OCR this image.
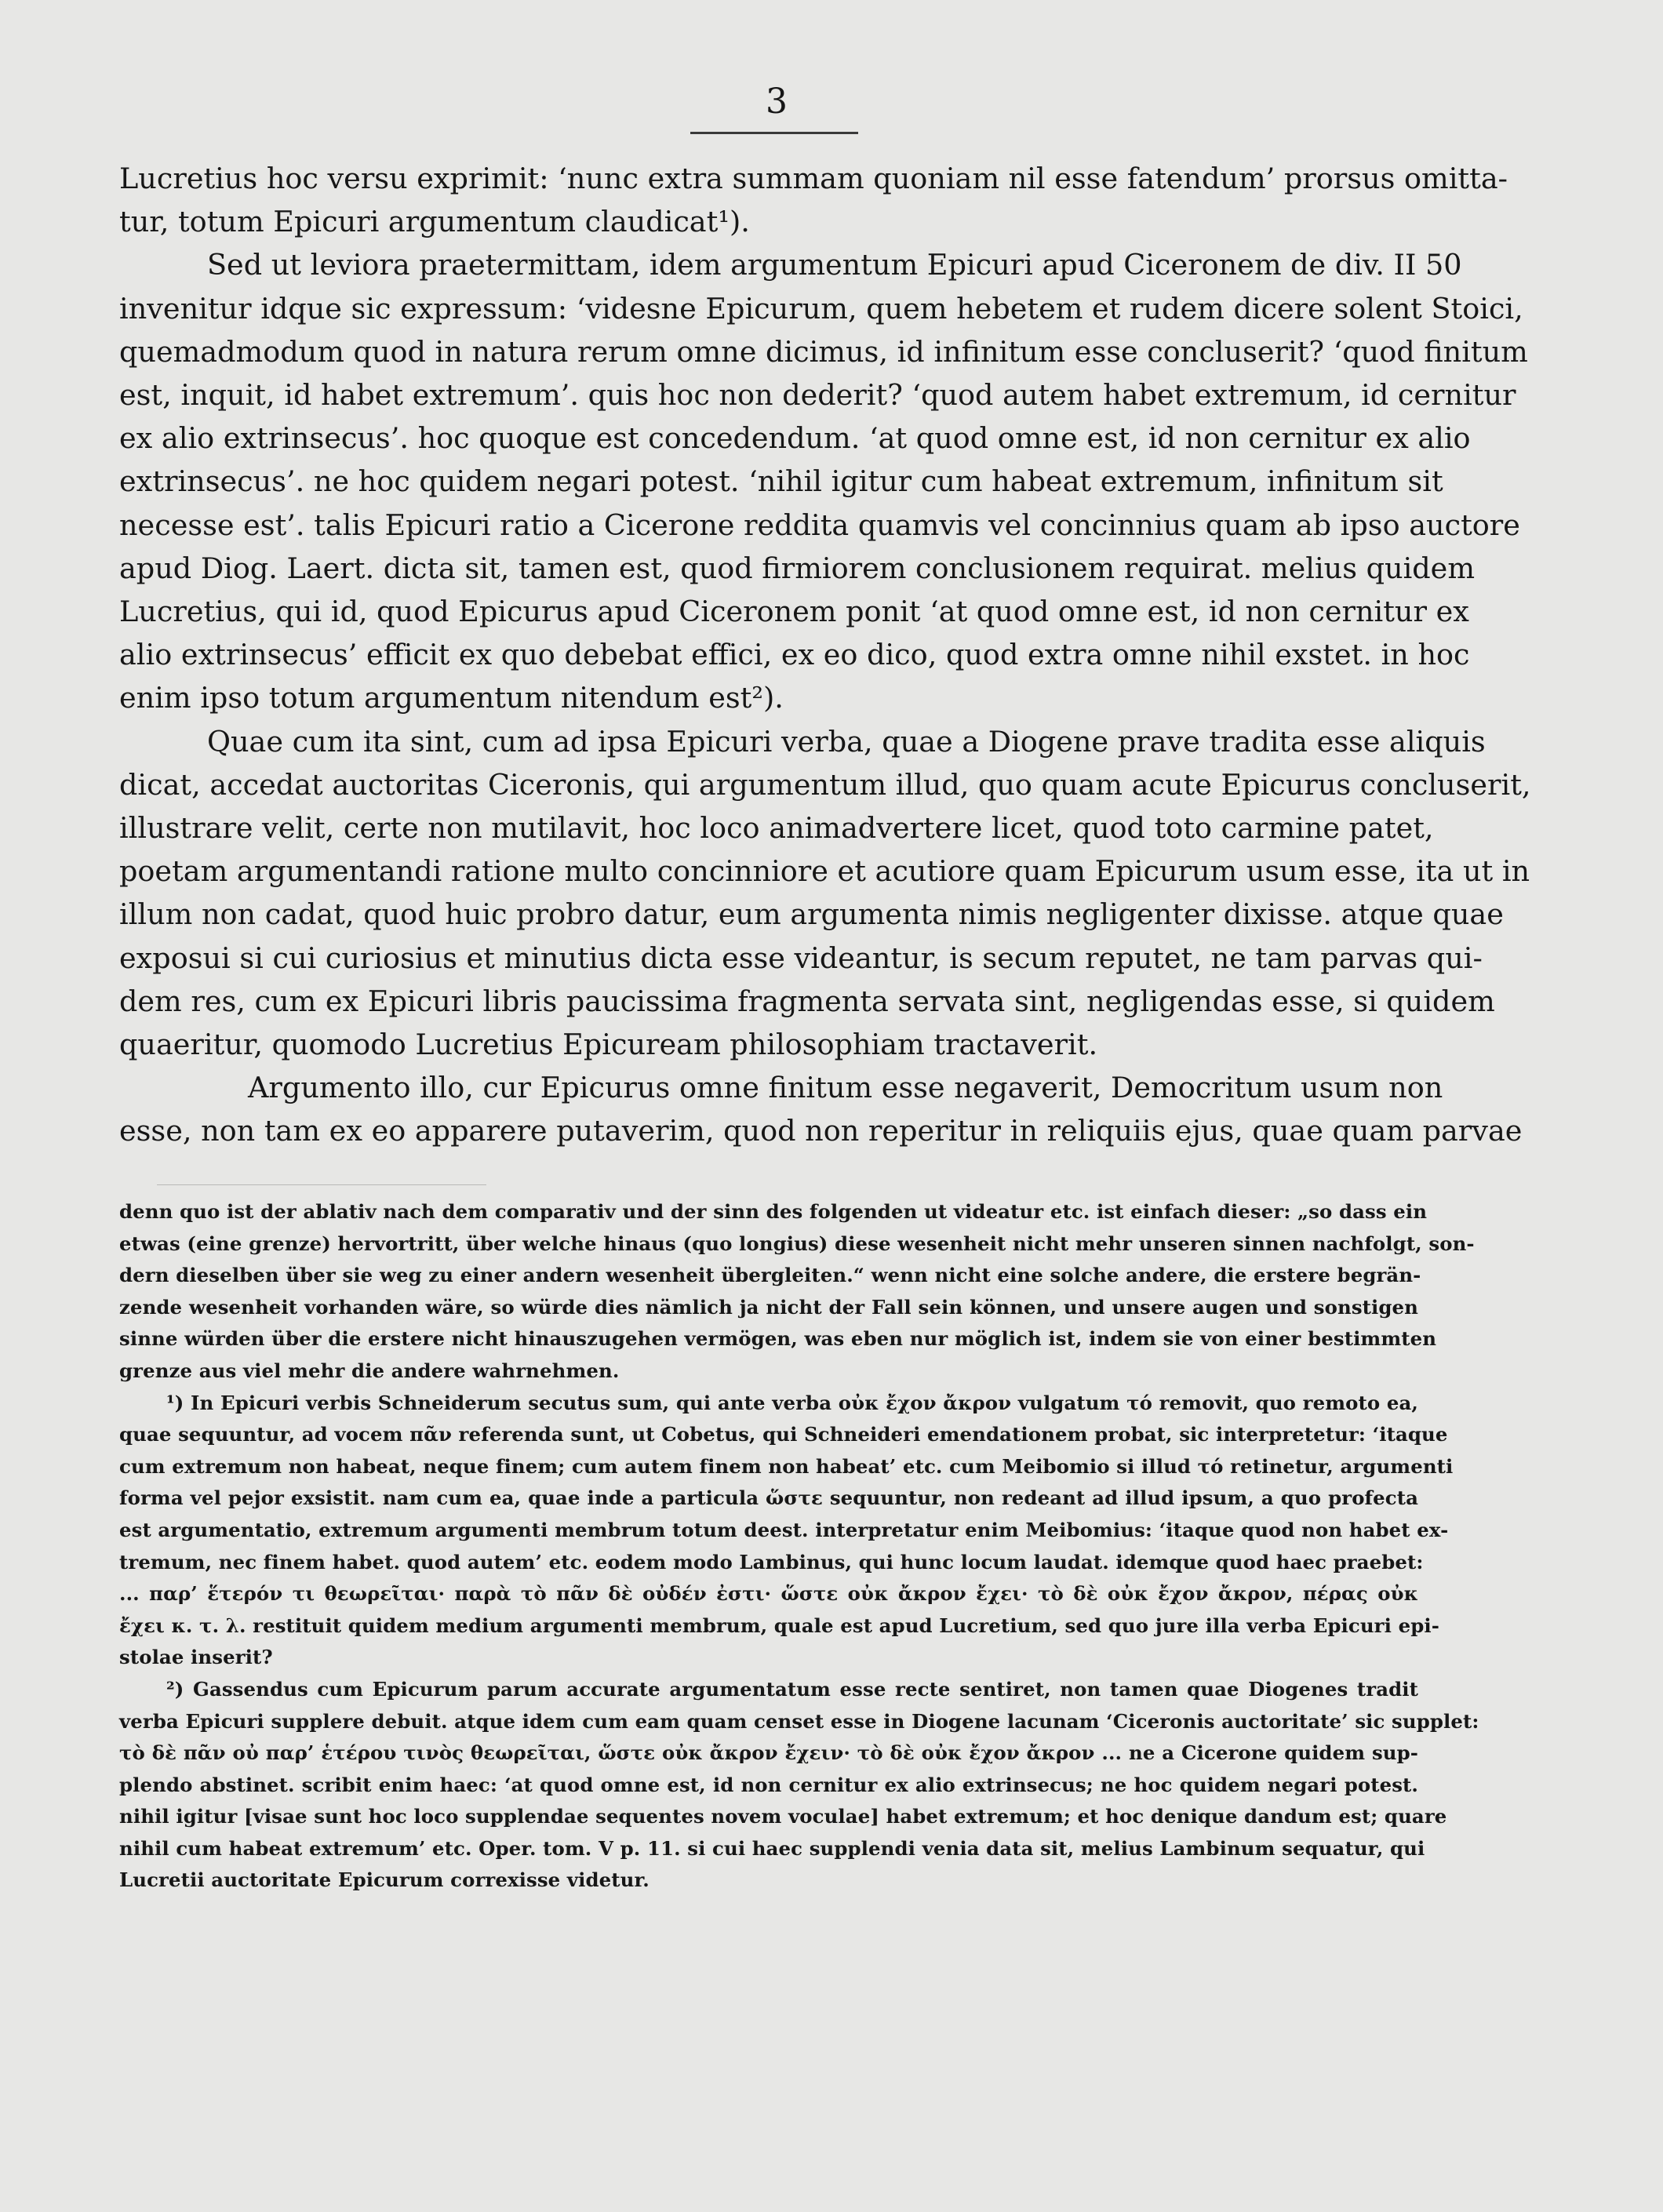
3

Lucretius hoc versu exprimit: ‘nunc extra summam quoniam nil esse fatendum’ prorsus omitta-
tur, totum Epicuri argumentum claudicat¹).

Sed ut leviora praetermittam, idem argumentum Epicuri apud Ciceronem de div. II 50
invenitur idque sic expressum: ‘videsne Epicurum, quem hebetem et rudem dicere solent Stoici,
quemadmodum quod in natura rerum omne dicimus, id infinitum esse concluserit? ‘quod finitum
est, inquit, id habet extremum’. quis hoc non dederit? ‘quod autem habet extremum, id cernitur
ex alio extrinsecus’. hoc quoque est concedendum. ‘at quod omne est, id non cernitur ex alio
extrinsecus’. ne hoc quidem negari potest. ‘nihil igitur cum habeat extremum, infinitum sit
necesse est’. talis Epicuri ratio a Cicerone reddita quamvis vel concinnius quam ab ipso auctore
apud Diog. Laert. dicta sit, tamen est, quod firmiorem conclusionem requirat. melius quidem
Lucretius, qui id, quod Epicurus apud Ciceronem ponit ‘at quod omne est, id non cernitur ex
alio extrinsecus’ efficit ex quo debebat effici, ex eo dico, quod extra omne nihil exstet. in hoc
enim ipso totum argumentum nitendum est²).

Quae cum ita sint, cum ad ipsa Epicuri verba, quae a Diogene prave tradita esse aliquis
dicat, accedat auctoritas Ciceronis, qui argumentum illud, quo quam acute Epicurus concluserit,
illustrare velit, certe non mutilavit, hoc loco animadvertere licet, quod toto carmine patet,
poetam argumentandi ratione multo concinniore et acutiore quam Epicurum usum esse, ita ut in
illum non cadat, quod huic probro datur, eum argumenta nimis negligenter dixisse. atque quae
exposui si cui curiosius et minutius dicta esse videantur, is secum reputet, ne tam parvas qui-
dem res, cum ex Epicuri libris paucissima fragmenta servata sint, negligendas esse, si quidem
quaeritur, quomodo Lucretius Epicuream philosophiam tractaverit.

Argumento illo, cur Epicurus omne finitum esse negaverit, Democritum usum non
esse, non tam ex eo apparere putaverim, quod non reperitur in reliquiis ejus, quae quam parvae

denn quo ist der ablativ nach dem comparativ und der sinn des folgenden ut videatur etc. ist einfach dieser: „so dass ein
etwas (eine grenze) hervortritt, über welche hinaus (quo longius) diese wesenheit nicht mehr unseren sinnen nachfolgt, son-
dern dieselben über sie weg zu einer andern wesenheit übergleiten.“ wenn nicht eine solche andere, die erstere begrän-
zende wesenheit vorhanden wäre, so würde dies nämlich ja nicht der Fall sein können, und unsere augen und sonstigen
sinne würden über die erstere nicht hinauszugehen vermögen, was eben nur möglich ist, indem sie von einer bestimmten
grenze aus viel mehr die andere wahrnehmen.

¹) In Epicuri verbis Schneiderum secutus sum, qui ante verba οὐκ ἔχον ἄκρον vulgatum τό removit, quo remoto ea,
quae sequuntur, ad vocem πᾶν referenda sunt, ut Cobetus, qui Schneideri emendationem probat, sic interpretetur: ‘itaque
cum extremum non habeat, neque finem; cum autem finem non habeat’ etc. cum Meibomio si illud τό retinetur, argumenti
forma vel pejor exsistit. nam cum ea, quae inde a particula ὥστε sequuntur, non redeant ad illud ipsum, a quo profecta
est argumentatio, extremum argumenti membrum totum deest. interpretatur enim Meibomius: ‘itaque quod non habet ex-
tremum, nec finem habet. quod autem’ etc. eodem modo Lambinus, qui hunc locum laudat. idemque quod haec praebet:
... παρ’ ἕτερόν τι θεωρεῖται· παρὰ τὸ πᾶν δὲ οὐδέν ἐστι· ὥστε οὐκ ἄκρον ἔχει· τὸ δὲ οὐκ ἔχον ἄκρον, πέρας οὐκ
ἔχει κ. τ. λ. restituit quidem medium argumenti membrum, quale est apud Lucretium, sed quo jure illa verba Epicuri epi-
stolae inserit?

²) Gassendus cum Epicurum parum accurate argumentatum esse recte sentiret, non tamen quae Diogenes tradit
verba Epicuri supplere debuit. atque idem cum eam quam censet esse in Diogene lacunam ‘Ciceronis auctoritate’ sic supplet:
τὸ δὲ πᾶν οὐ παρ’ ἑτέρου τινὸς θεωρεῖται, ὥστε οὐκ ἄκρον ἔχειν· τὸ δὲ οὐκ ἔχον ἄκρον ... ne a Cicerone quidem sup-
plendo abstinet. scribit enim haec: ‘at quod omne est, id non cernitur ex alio extrinsecus; ne hoc quidem negari potest.
nihil igitur [visae sunt hoc loco supplendae sequentes novem voculae] habet extremum; et hoc denique dandum est; quare
nihil cum habeat extremum’ etc. Oper. tom. V p. 11. si cui haec supplendi venia data sit, melius Lambinum sequatur, qui
Lucretii auctoritate Epicurum correxisse videtur.
